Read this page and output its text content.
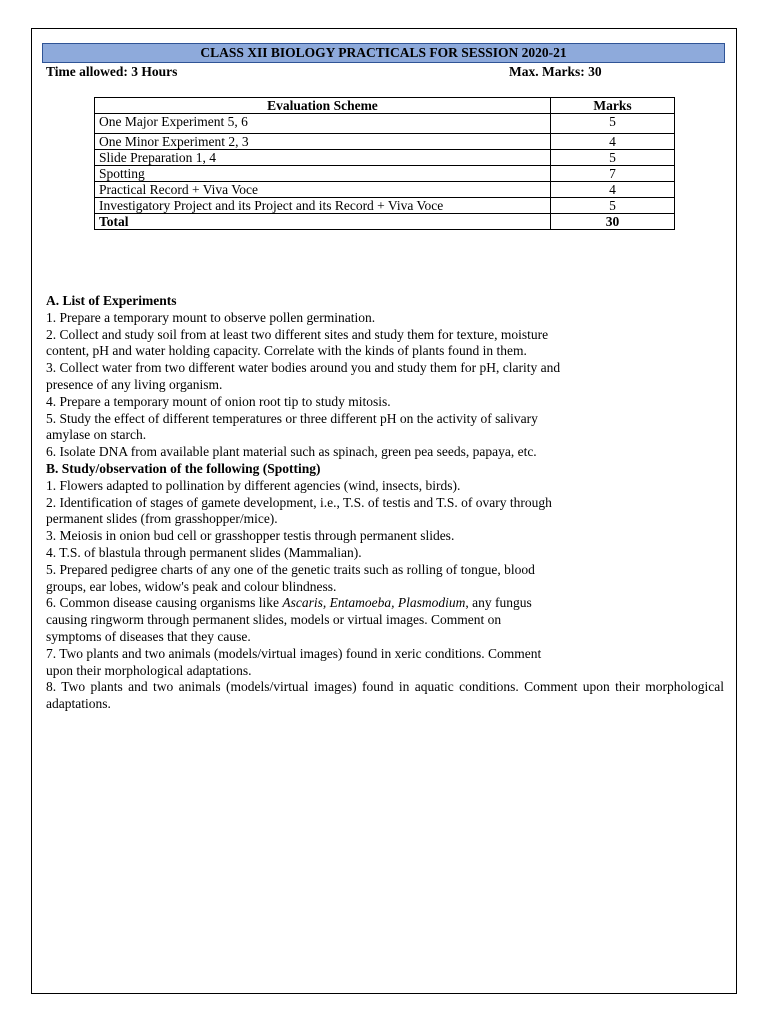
CLASS XII BIOLOGY PRACTICALS FOR SESSION 2020-21
Time allowed: 3 Hours	Max. Marks: 30
Evaluation Scheme	Marks
One Major Experiment 5, 6	5
One Minor Experiment 2, 3	4
Slide Preparation 1, 4	5
Spotting	7
Practical Record + Viva Voce	4
Investigatory Project and its Project and its Record + Viva Voce	5
Total	30

A. List of Experiments

1. Prepare a temporary mount to observe pollen germination.

2. Collect and study soil from at least two different sites and study them for texture, moisture

content, pH and water holding capacity. Correlate with the kinds of plants found in them.

3. Collect water from two different water bodies around you and study them for pH, clarity and

presence of any living organism.

4. Prepare a temporary mount of onion root tip to study mitosis.

5. Study the effect of different temperatures or three different pH on the activity of salivary

amylase on starch.

6. Isolate DNA from available plant material such as spinach, green pea seeds, papaya, etc.

B. Study/observation of the following (Spotting)

1. Flowers adapted to pollination by different agencies (wind, insects, birds).

2. Identification of stages of gamete development, i.e., T.S. of testis and T.S. of ovary through

permanent slides (from grasshopper/mice).

3. Meiosis in onion bud cell or grasshopper testis through permanent slides.

4. T.S. of blastula through permanent slides (Mammalian).

5. Prepared pedigree charts of any one of the genetic traits such as rolling of tongue, blood

groups, ear lobes, widow's peak and colour blindness.

6. Common disease causing organisms like Ascaris, Entamoeba, Plasmodium, any fungus

causing ringworm through permanent slides, models or virtual images. Comment on

symptoms of diseases that they cause.

7. Two plants and two animals (models/virtual images) found in xeric conditions. Comment

upon their morphological adaptations.

8. Two plants and two animals (models/virtual images) found in aquatic conditions. Comment upon their morphological adaptations.
